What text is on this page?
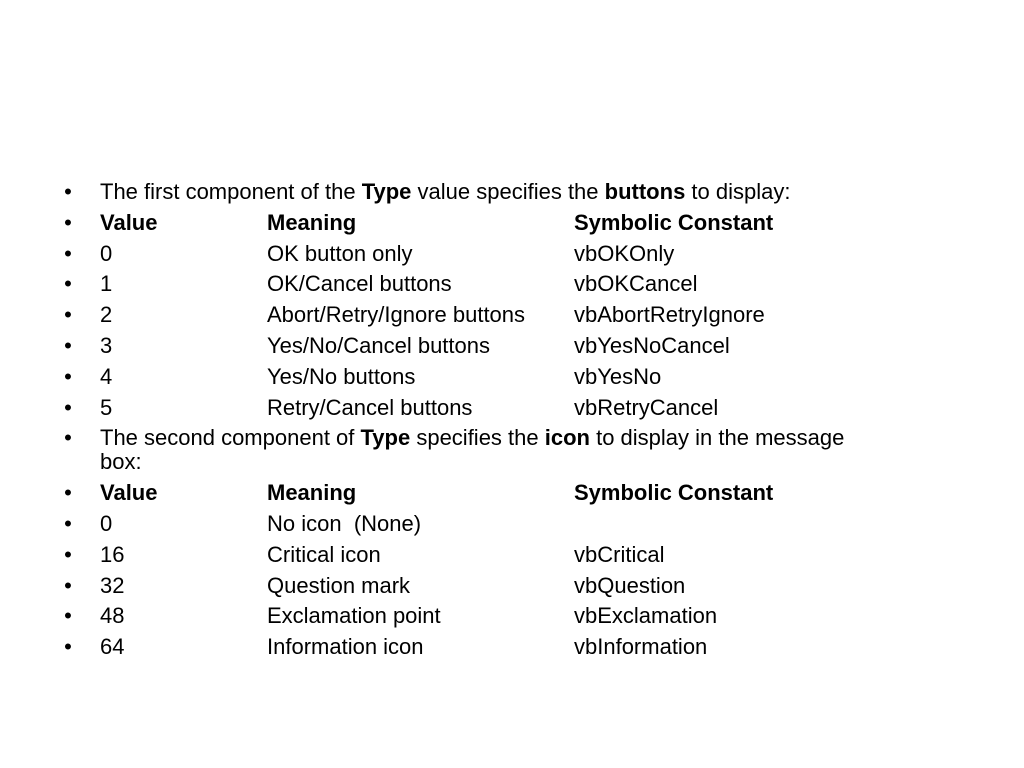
• The first component of the Type value specifies the buttons to display:
• Value	Meaning	Symbolic Constant
• 0	OK button only	vbOKOnly
• 1	OK/Cancel buttons	vbOKCancel
• 2	Abort/Retry/Ignore buttons vbAbortRetryIgnore
• 3	Yes/No/Cancel buttons	vbYesNoCancel
• 4	Yes/No buttons	vbYesNo
• 5	Retry/Cancel buttons	vbRetryCancel
• The second component of Type specifies the icon to display in the message box:
• Value	Meaning	Symbolic Constant
• 0	No icon  (None)
• 16	Critical icon	vbCritical
• 32	Question mark	vbQuestion
• 48	Exclamation point	vbExclamation
• 64	Information icon	vbInformation
